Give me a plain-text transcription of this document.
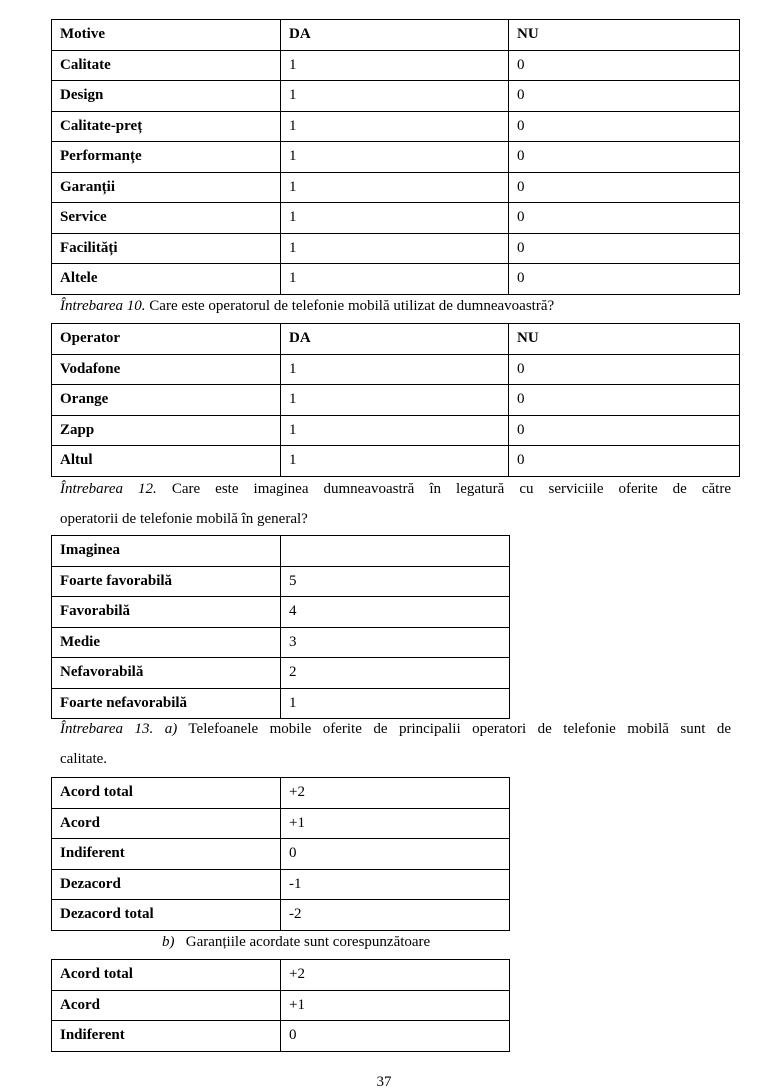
Motive	DA	NU
Calitate	1	0
Design	1	0
Calitate-preț	1	0
Performanțe	1	0
Garanții	1	0
Service	1	0
Facilități	1	0
Altele	1	0
Întrebarea 10. Care este operatorul de telefonie mobilă utilizat de dumneavoastră?
Operator	DA	NU
Vodafone	1	0
Orange	1	0
Zapp	1	0
Altul	1	0
Întrebarea 12. Care este imaginea dumneavoastră în legatură cu serviciile oferite de către
operatorii de telefonie mobilă în general?
Imaginea	
Foarte favorabilă	5
Favorabilă	4
Medie	3
Nefavorabilă	2
Foarte nefavorabilă	1
Întrebarea 13. a) Telefoanele mobile oferite de principalii operatori de telefonie mobilă sunt de
calitate.
Acord total	+2
Acord	+1
Indiferent	0
Dezacord	-1
Dezacord total	-2
b) Garanțiile acordate sunt corespunzătoare
Acord total	+2
Acord	+1
Indiferent	0
37
